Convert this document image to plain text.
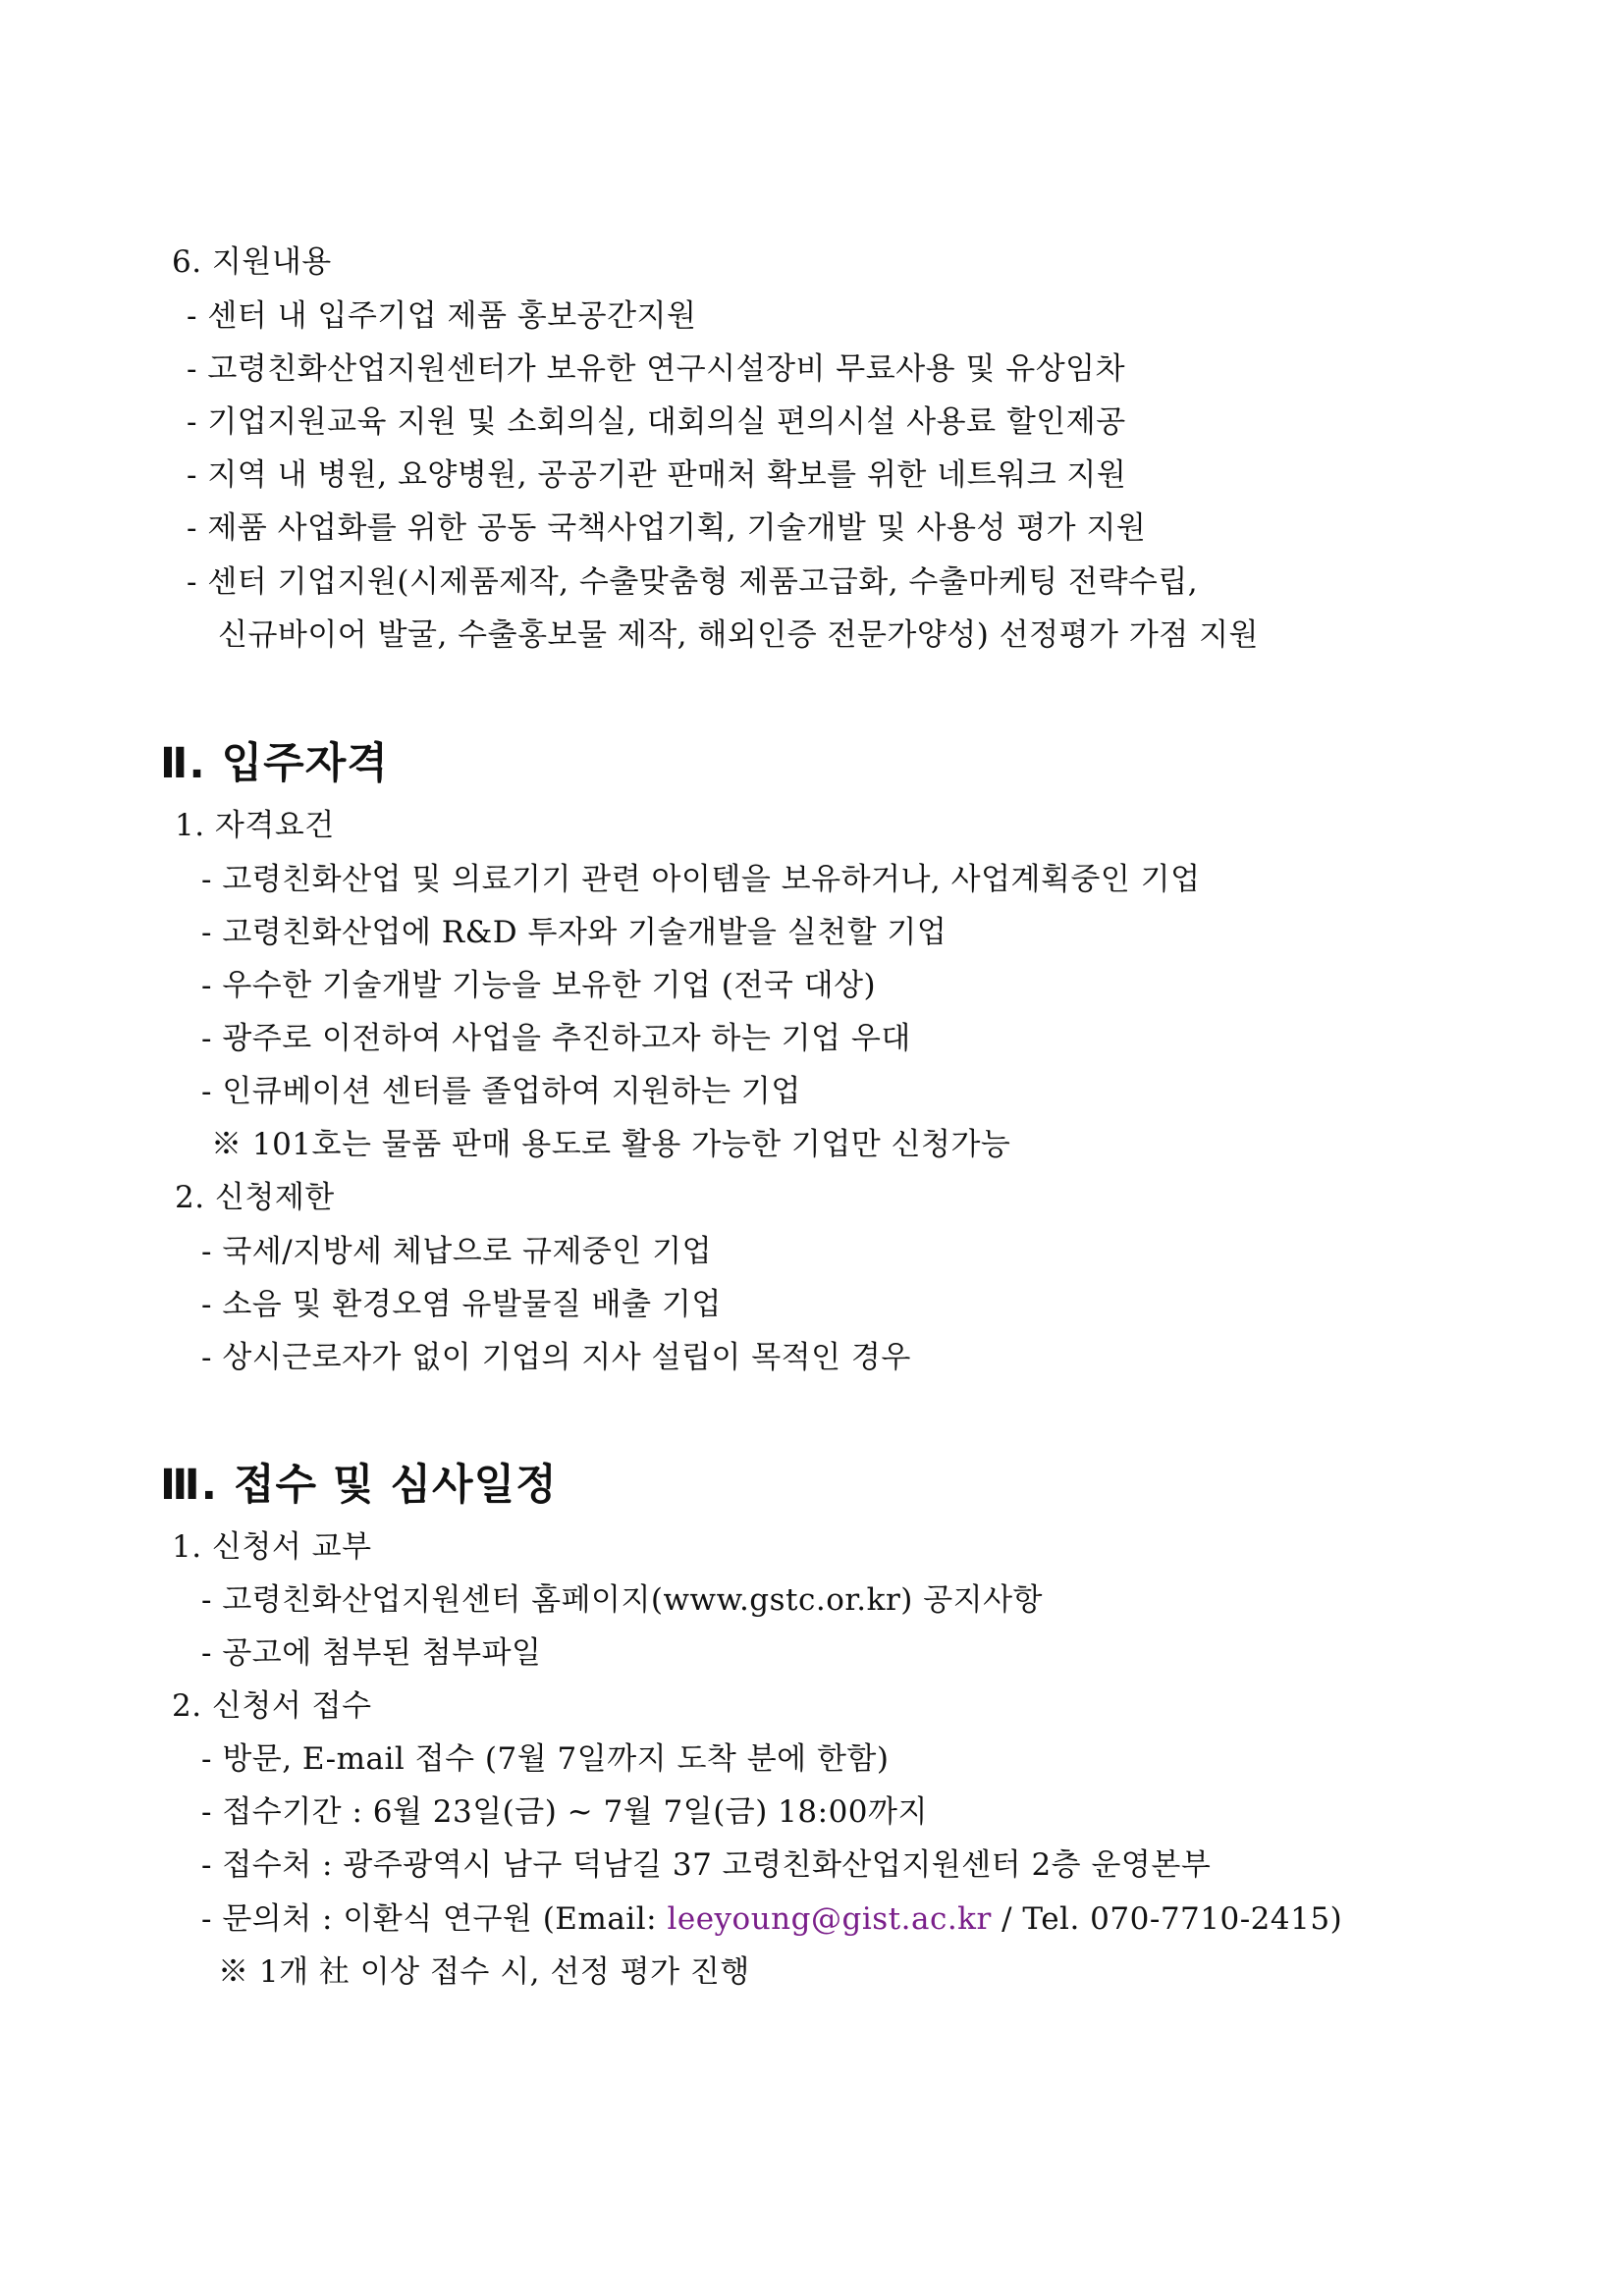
6. 지원내용
- 센터 내 입주기업 제품 홍보공간지원
- 고령친화산업지원센터가 보유한 연구시설장비 무료사용 및 유상임차
- 기업지원교육 지원 및 소회의실, 대회의실 편의시설 사용료 할인제공
- 지역 내 병원, 요양병원, 공공기관 판매처 확보를 위한 네트워크 지원
- 제품 사업화를 위한 공동 국책사업기획, 기술개발 및 사용성 평가 지원
- 센터 기업지원(시제품제작, 수출맞춤형 제품고급화, 수출마케팅 전략수립,
신규바이어 발굴, 수출홍보물 제작, 해외인증 전문가양성) 선정평가 가점 지원
Ⅱ. 입주자격
1. 자격요건
- 고령친화산업 및 의료기기 관련 아이템을 보유하거나, 사업계획중인 기업
- 고령친화산업에 R&D 투자와 기술개발을 실천할 기업
- 우수한 기술개발 기능을 보유한 기업 (전국 대상)
- 광주로 이전하여 사업을 추진하고자 하는 기업 우대
- 인큐베이션 센터를 졸업하여 지원하는 기업
※ 101호는 물품 판매 용도로 활용 가능한 기업만 신청가능
2. 신청제한
- 국세/지방세 체납으로 규제중인 기업
- 소음 및 환경오염 유발물질 배출 기업
- 상시근로자가 없이 기업의 지사 설립이 목적인 경우
Ⅲ. 접수 및 심사일정
1. 신청서 교부
- 고령친화산업지원센터 홈페이지(www.gstc.or.kr) 공지사항
- 공고에 첨부된 첨부파일
2. 신청서 접수
- 방문, E-mail 접수 (7월 7일까지 도착 분에 한함)
- 접수기간 : 6월 23일(금) ~ 7월 7일(금) 18:00까지
- 접수처 : 광주광역시 남구 덕남길 37 고령친화산업지원센터 2층 운영본부
- 문의처 : 이환식 연구원 (Email: leeyoung@gist.ac.kr / Tel. 070-7710-2415)
※ 1개 社 이상 접수 시, 선정 평가 진행
